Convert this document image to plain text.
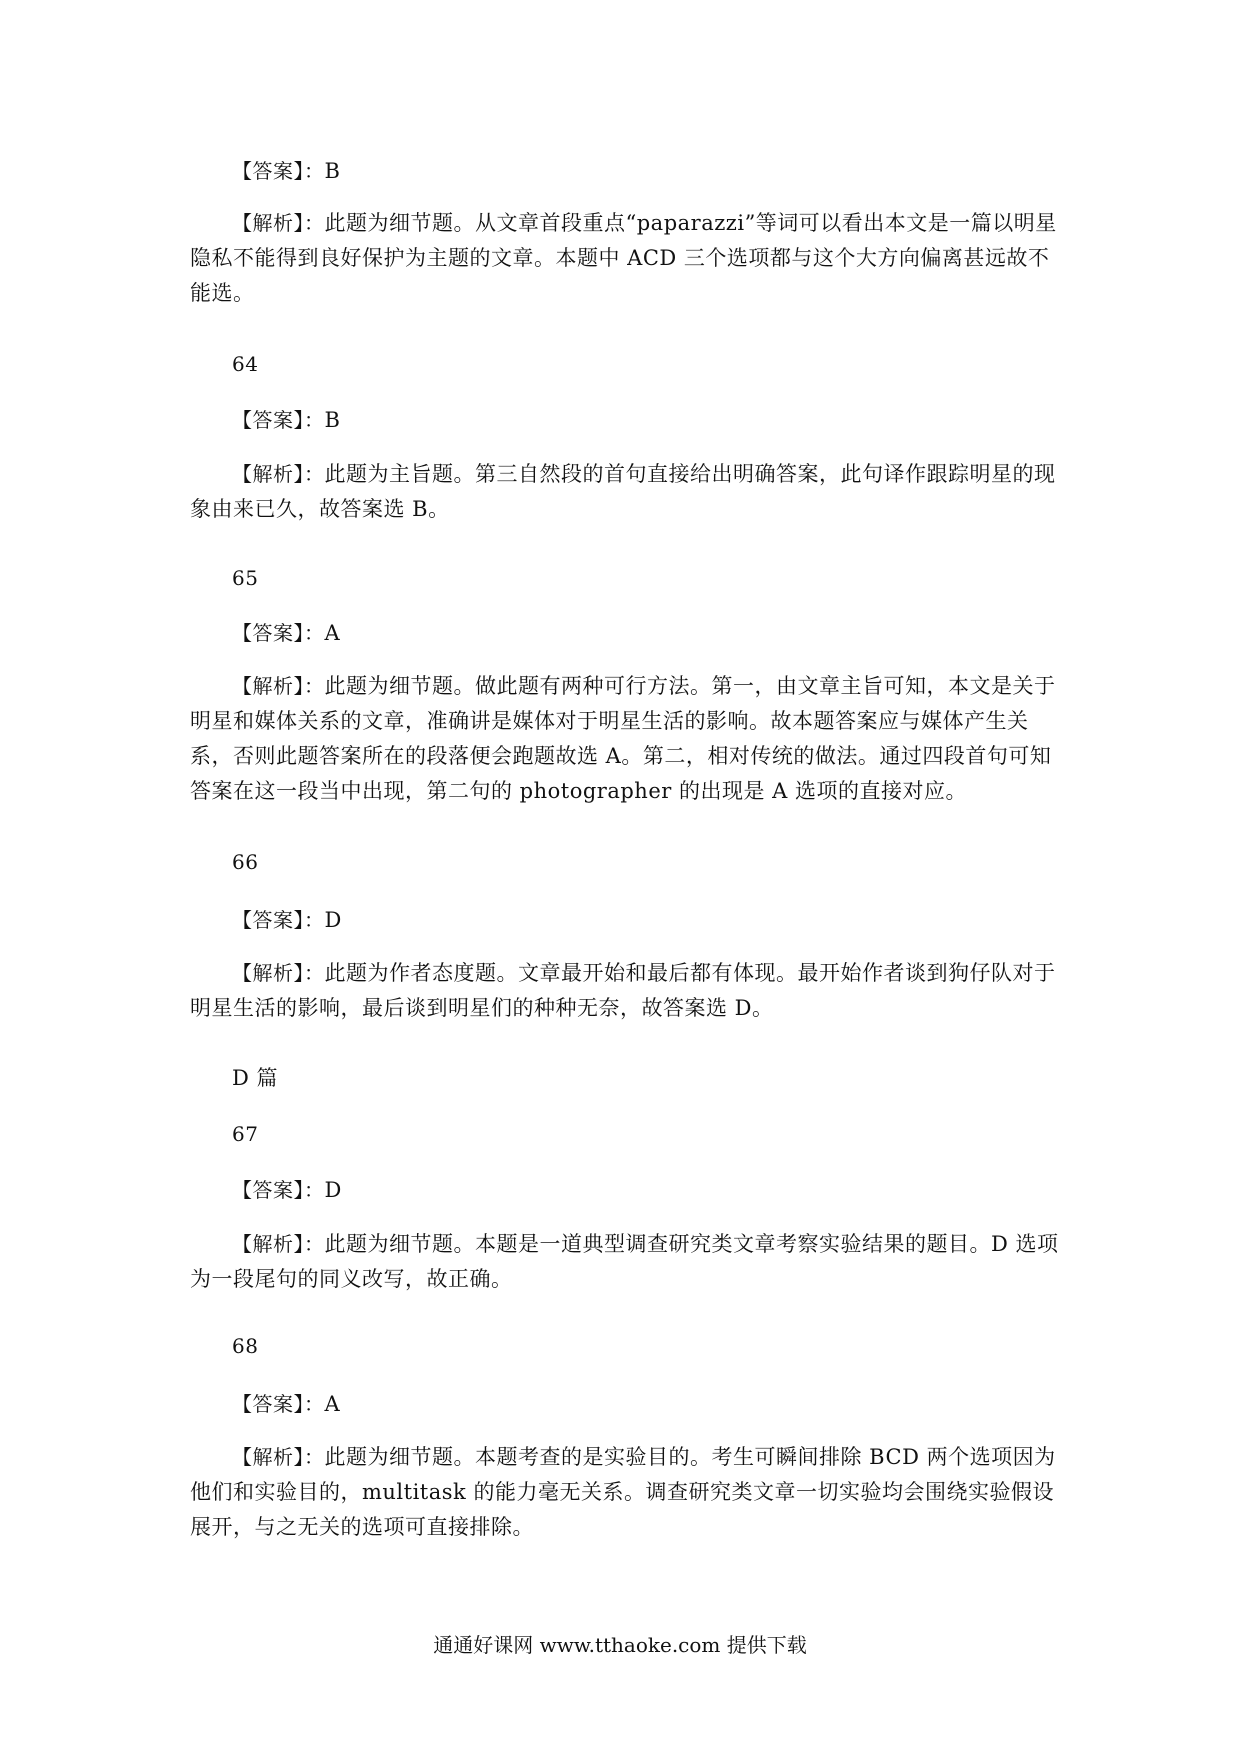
【答案】：B
【解析】：此题为细节题。从文章首段重点“paparazzi”等词可以看出本文是一篇以明星隐私不能得到良好保护为主题的文章。本题中 ACD 三个选项都与这个大方向偏离甚远故不能选。
64
【答案】：B
【解析】：此题为主旨题。第三自然段的首句直接给出明确答案，此句译作跟踪明星的现象由来已久，故答案选 B。
65
【答案】：A
【解析】：此题为细节题。做此题有两种可行方法。第一，由文章主旨可知，本文是关于明星和媒体关系的文章，准确讲是媒体对于明星生活的影响。故本题答案应与媒体产生关系，否则此题答案所在的段落便会跑题故选 A。第二，相对传统的做法。通过四段首句可知答案在这一段当中出现，第二句的 photographer 的出现是 A 选项的直接对应。
66
【答案】：D
【解析】：此题为作者态度题。文章最开始和最后都有体现。最开始作者谈到狗仔队对于明星生活的影响，最后谈到明星们的种种无奈，故答案选 D。
D 篇
67
【答案】：D
【解析】：此题为细节题。本题是一道典型调查研究类文章考察实验结果的题目。D 选项为一段尾句的同义改写，故正确。
68
【答案】：A
【解析】：此题为细节题。本题考查的是实验目的。考生可瞬间排除 BCD 两个选项因为他们和实验目的，multitask 的能力毫无关系。调查研究类文章一切实验均会围绕实验假设展开，与之无关的选项可直接排除。
通通好课网 www.tthaoke.com 提供下载
